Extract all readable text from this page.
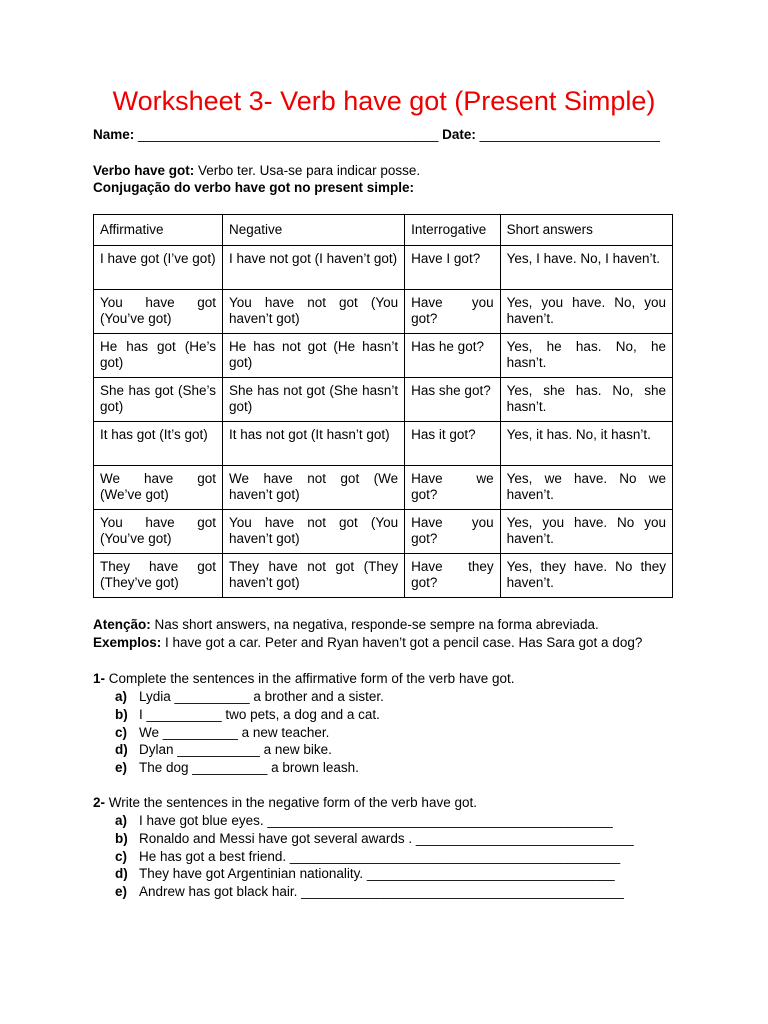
Worksheet 3- Verb have got (Present Simple)
Name: ________________________________________ Date: ________________________

Verbo have got: Verbo ter. Usa-se para indicar posse.

Conjugação do verbo have got no present simple:

Affirmative	Negative	Interrogative	Short answers
I have got (I’ve got)	I have not got (I haven’t got)	Have I got?	Yes, I have. No, I haven’t.
You have got (You’ve got)	You have not got (You haven’t got)	Have you got?	Yes, you have. No, you haven’t.
He has got (He’s got)	He has not got (He hasn’t got)	Has he got?	Yes, he has. No, he hasn’t.
She has got (She’s got)	She has not got (She hasn’t got)	Has she got?	Yes, she has. No, she hasn’t.
It has got (It’s got)	It has not got (It hasn’t got)	Has it got?	Yes, it has. No, it hasn’t.
We have got (We’ve got)	We have not got (We haven’t got)	Have we got?	Yes, we have. No we haven’t.
You have got (You’ve got)	You have not got (You haven’t got)	Have you got?	Yes, you have. No you haven’t.
They have got (They’ve got)	They have not got (They haven’t got)	Have they got?	Yes, they have. No they haven’t.

Atenção: Nas short answers, na negativa, responde-se sempre na forma abreviada.

Exemplos: I have got a car. Peter and Ryan haven’t got a pencil case. Has Sara got a dog?

1- Complete the sentences in the affirmative form of the verb have got.

a) Lydia __________ a brother and a sister.
b) I __________ two pets, a dog and a cat.
c) We __________ a new teacher.
d) Dylan ___________ a new bike.
e) The dog __________ a brown leash.

2- Write the sentences in the negative form of the verb have got.

a) I have got blue eyes. ______________________________________________
b) Ronaldo and Messi have got several awards . _____________________________
c) He has got a best friend. ____________________________________________
d) They have got Argentinian nationality. _________________________________
e) Andrew has got black hair. ___________________________________________
